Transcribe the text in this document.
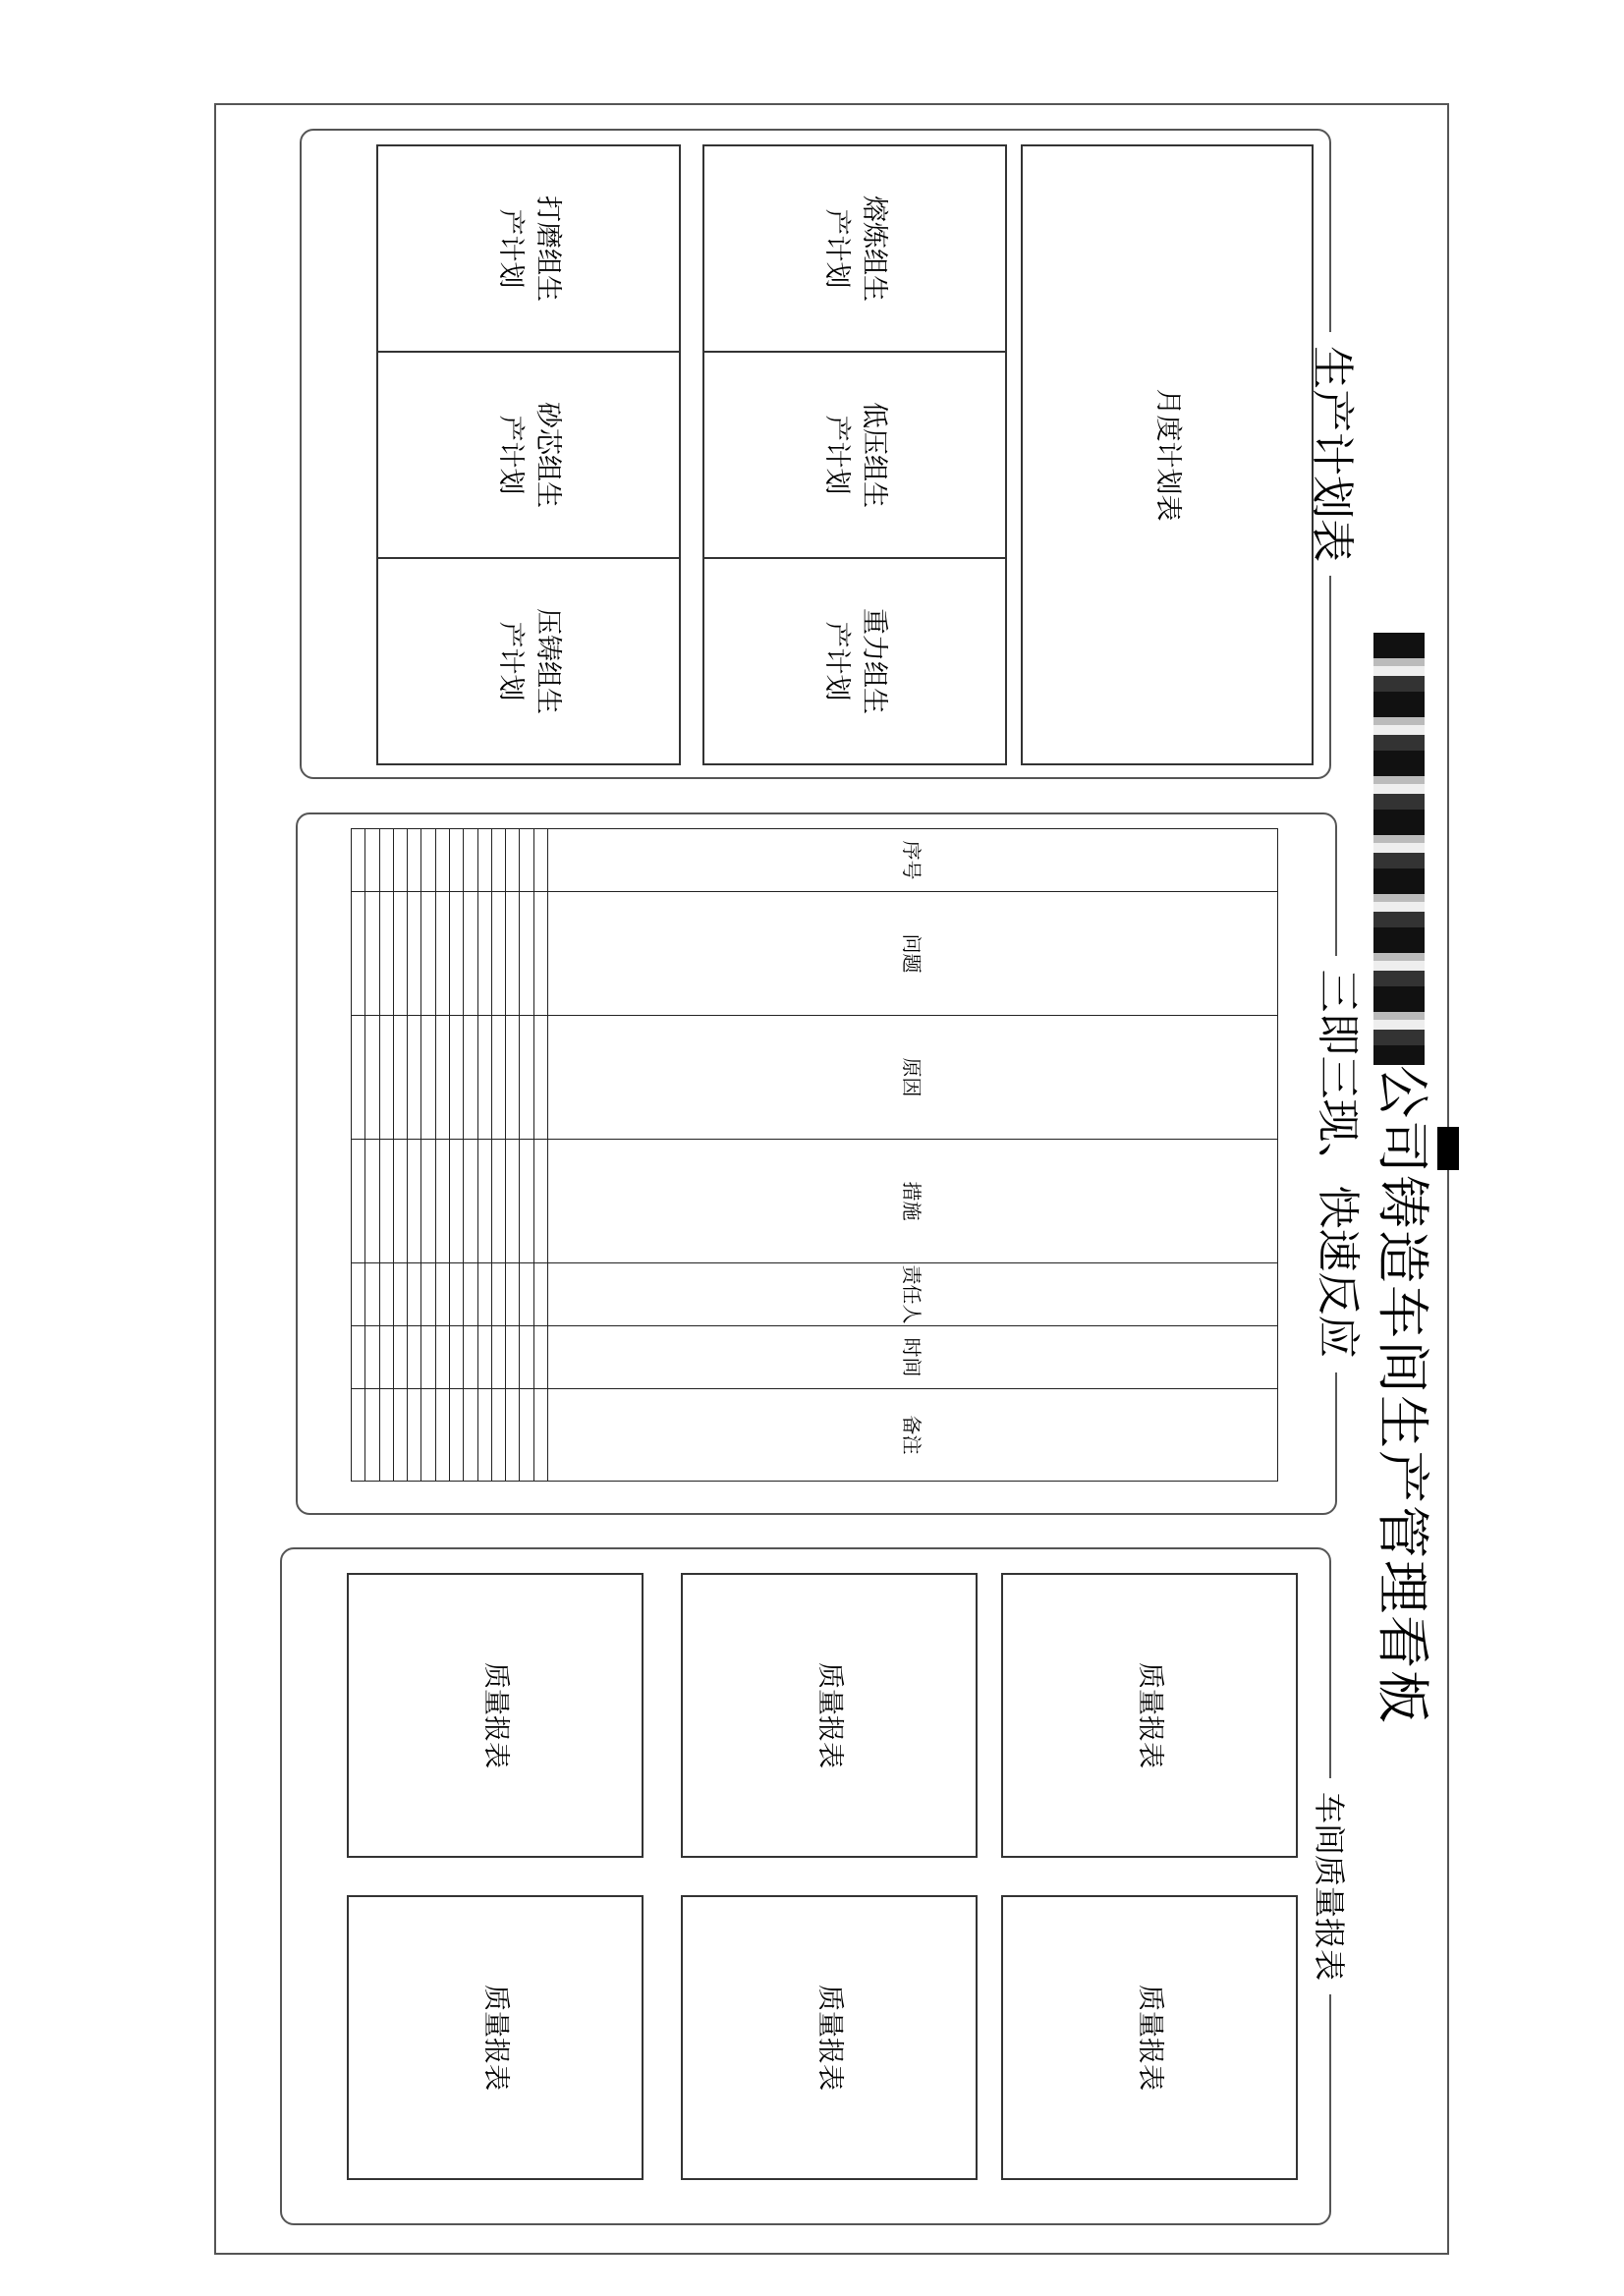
公司铸造车间生产管理看板
生产计划表
月度计划表
熔炼组生
产计划
低压组生
产计划
重力组生
产计划
打磨组生
产计划
砂芯组生
产计划
压铸组生
产计划
三即三现、快速反应
序号	问题	原因	措施	责任人	时间	备注

车间质量报表
质量报表
质量报表
质量报表
质量报表
质量报表
质量报表
